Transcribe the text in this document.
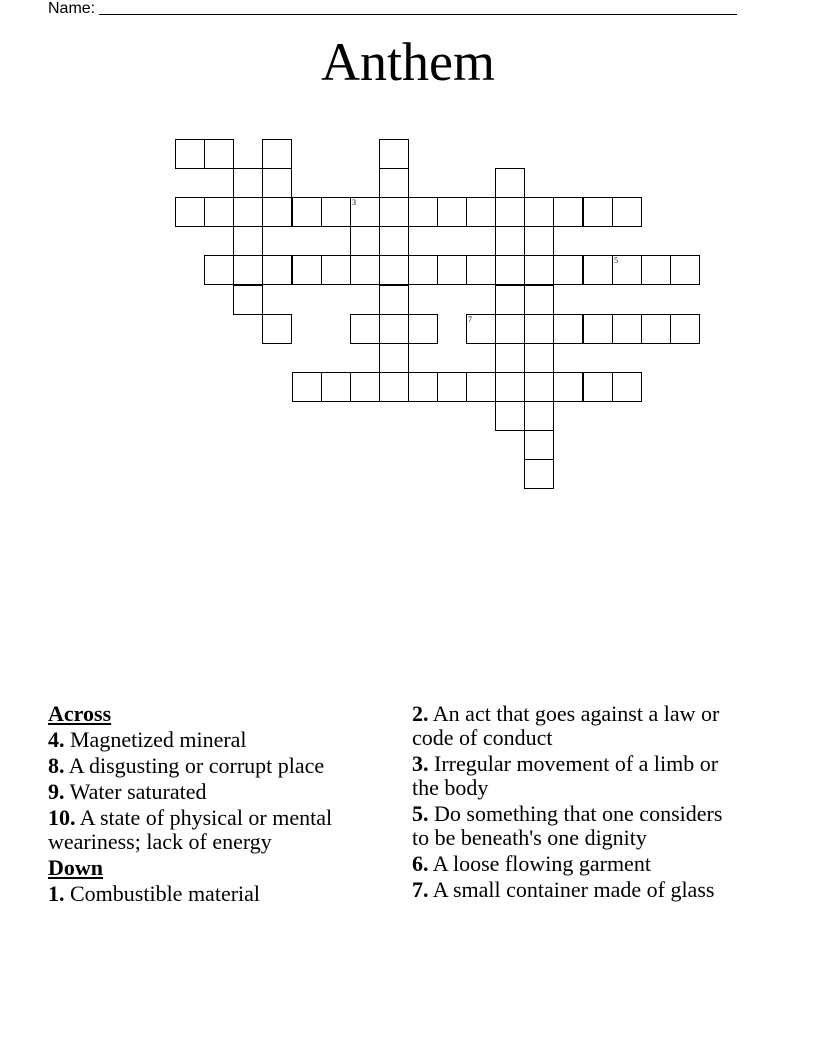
Name:
Anthem
3
7
5
Across
4. Magnetized mineral
8. A disgusting or corrupt place
9. Water saturated
10. A state of physical or mental weariness; lack of energy
Down
1. Combustible material
2. An act that goes against a law or code of conduct
3. Irregular movement of a limb or the body
5. Do something that one considers to be beneath's one dignity
6. A loose flowing garment
7. A small container made of glass
